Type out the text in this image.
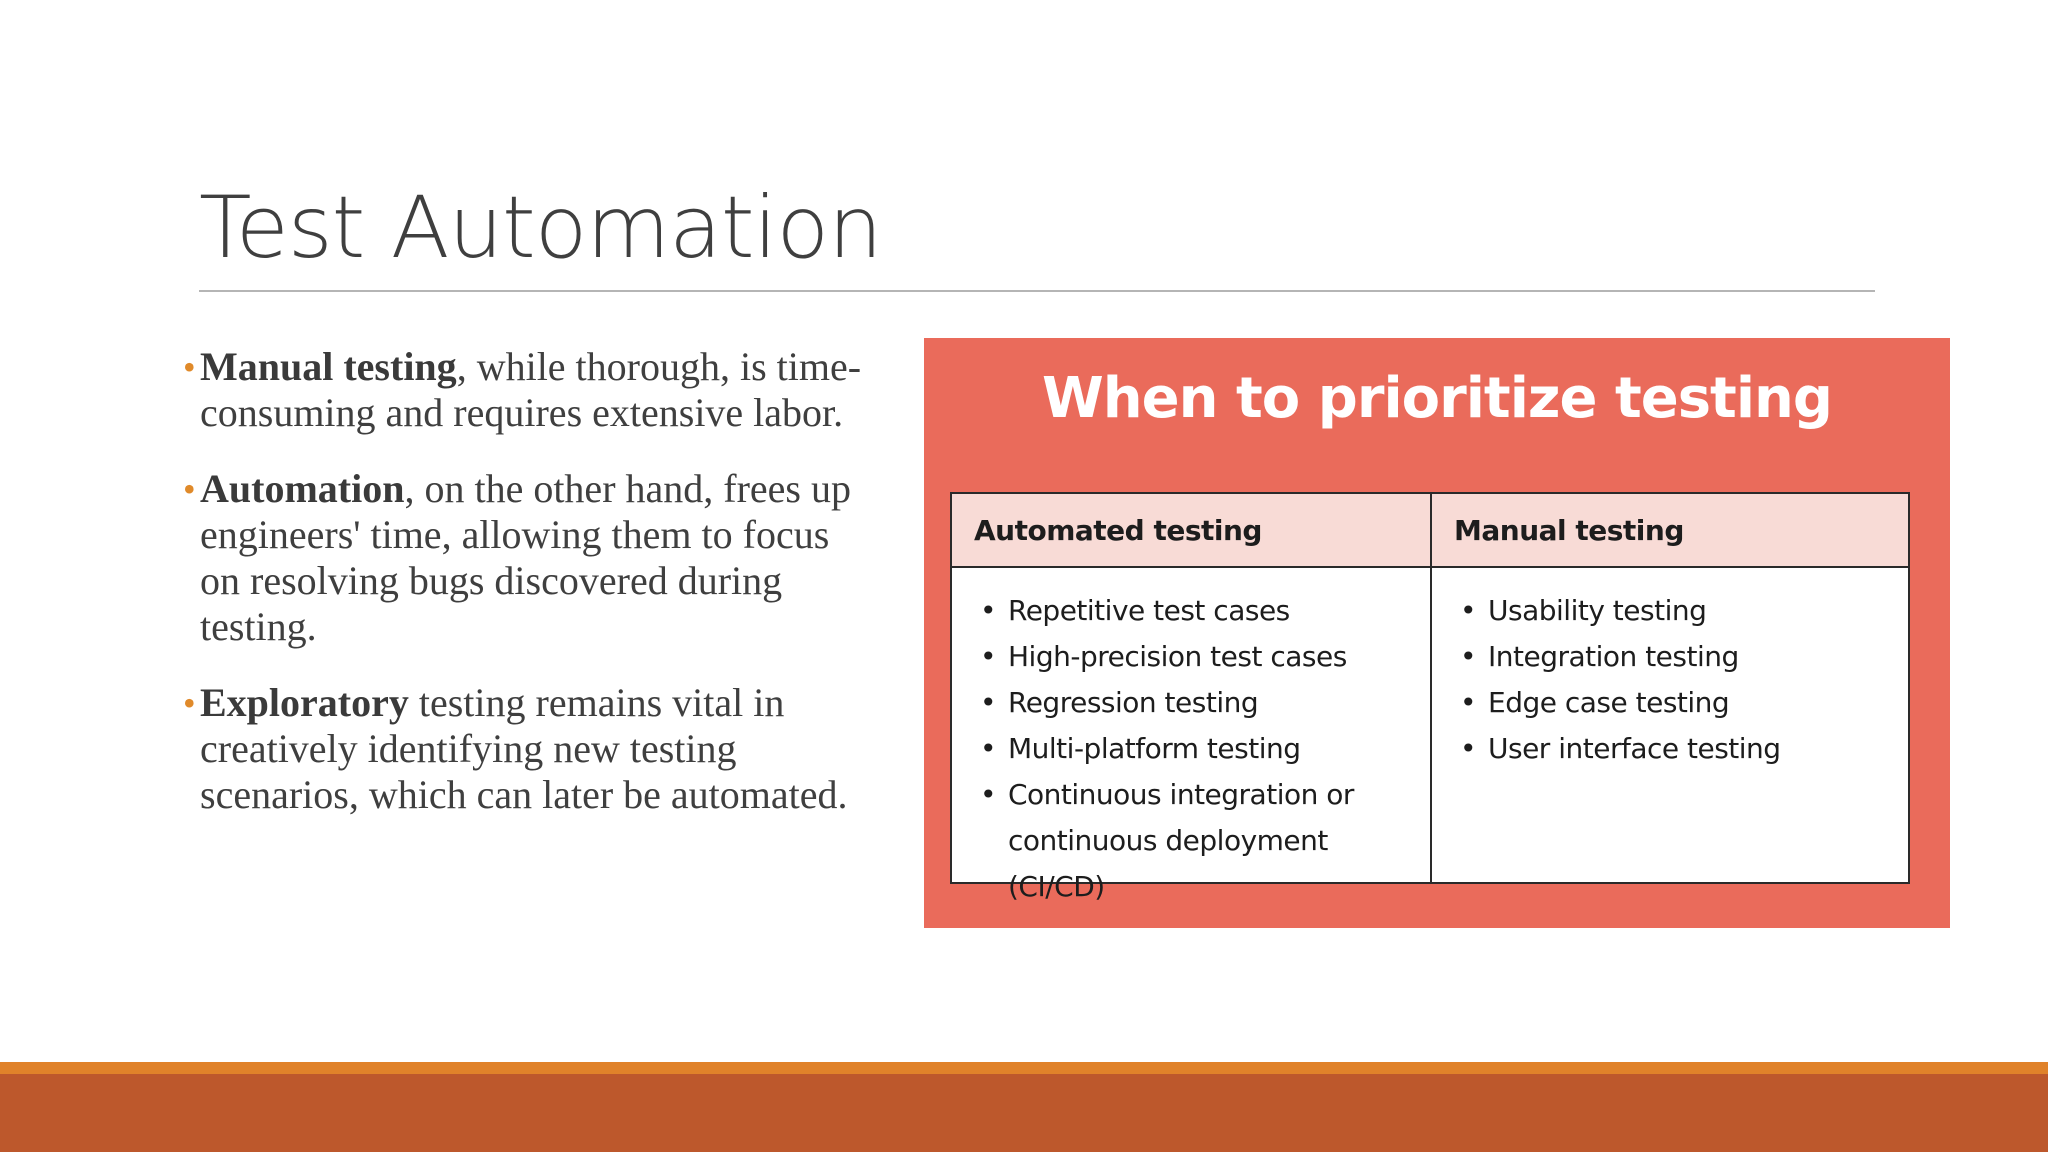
Test Automation
• Manual testing, while thorough, is time-consuming and requires extensive labor.
• Automation, on the other hand, frees up engineers' time, allowing them to focus on resolving bugs discovered during testing.
• Exploratory testing remains vital in creatively identifying new testing scenarios, which can later be automated.
When to prioritize testing
Automated testing	Manual testing
• Repetitive test cases
• High-precision test cases
• Regression testing
• Multi-platform testing
• Continuous integration or continuous deployment (CI/CD)
• Usability testing
• Integration testing
• Edge case testing
• User interface testing
